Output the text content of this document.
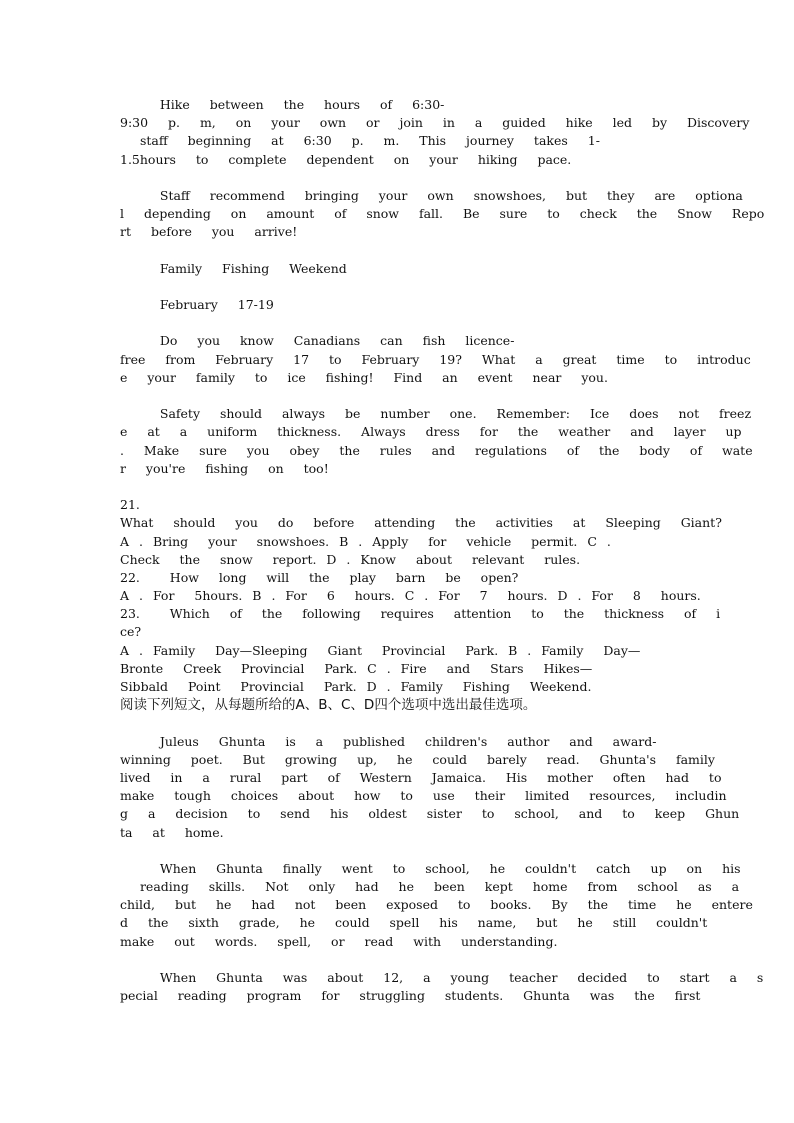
Hike  between  the  hours  of  6:30-
9:30  p.  m,  on  your  own  or  join  in  a  guided  hike  led  by  Discovery
staff  beginning  at  6:30  p.  m.  This  journey  takes  1-
1.5hours  to  complete  dependent  on  your  hiking  pace.
Staff  recommend  bringing  your  own  snowshoes,  but  they  are  optiona
l  depending  on  amount  of  snow  fall.  Be  sure  to  check  the  Snow  Repo
rt  before  you  arrive!
Family  Fishing  Weekend
February  17-19
Do  you  know  Canadians  can  fish  licence-
free  from  February  17  to  February  19?  What  a  great  time  to  introduc
e  your  family  to  ice  fishing!  Find  an  event  near  you.
Safety  should  always  be  number  one.  Remember:  Ice  does  not  freez
e  at  a  uniform  thickness.  Always  dress  for  the  weather  and  layer  up
.  Make  sure  you  obey  the  rules  and  regulations  of  the  body  of  wate
r  you're  fishing  on  too!
21.
What  should  you  do  before  attending  the  activities  at  Sleeping  Giant?
A . Bring  your  snowshoes. B . Apply  for  vehicle  permit. C .
Check  the  snow  report. D . Know  about  relevant  rules.
22.   How  long  will  the  play  barn  be  open?
A . For  5hours. B . For  6  hours. C . For  7  hours. D . For  8  hours.
23.   Which  of  the  following  requires  attention  to  the  thickness  of  i
ce?
A . Family  Day—Sleeping  Giant  Provincial  Park. B . Family  Day—
Bronte  Creek  Provincial  Park. C . Fire  and  Stars  Hikes—
Sibbald  Point  Provincial  Park. D . Family  Fishing  Weekend.
阅读下列短文，从每题所给的A、B、C、D四个选项中选出最佳选项。
Juleus  Ghunta  is  a  published  children's  author  and  award-
winning  poet.  But  growing  up,  he  could  barely  read.  Ghunta's  family
lived  in  a  rural  part  of  Western  Jamaica.  His  mother  often  had  to
make  tough  choices  about  how  to  use  their  limited  resources,  includin
g  a  decision  to  send  his  oldest  sister  to  school,  and  to  keep  Ghun
ta  at  home.
When  Ghunta  finally  went  to  school,  he  couldn't  catch  up  on  his
reading  skills.  Not  only  had  he  been  kept  home  from  school  as  a
child,  but  he  had  not  been  exposed  to  books.  By  the  time  he  entere
d  the  sixth  grade,  he  could  spell  his  name,  but  he  still  couldn't
make  out  words.  spell,  or  read  with  understanding.
When  Ghunta  was  about  12,  a  young  teacher  decided  to  start  a  s
pecial  reading  program  for  struggling  students.  Ghunta  was  the  first
